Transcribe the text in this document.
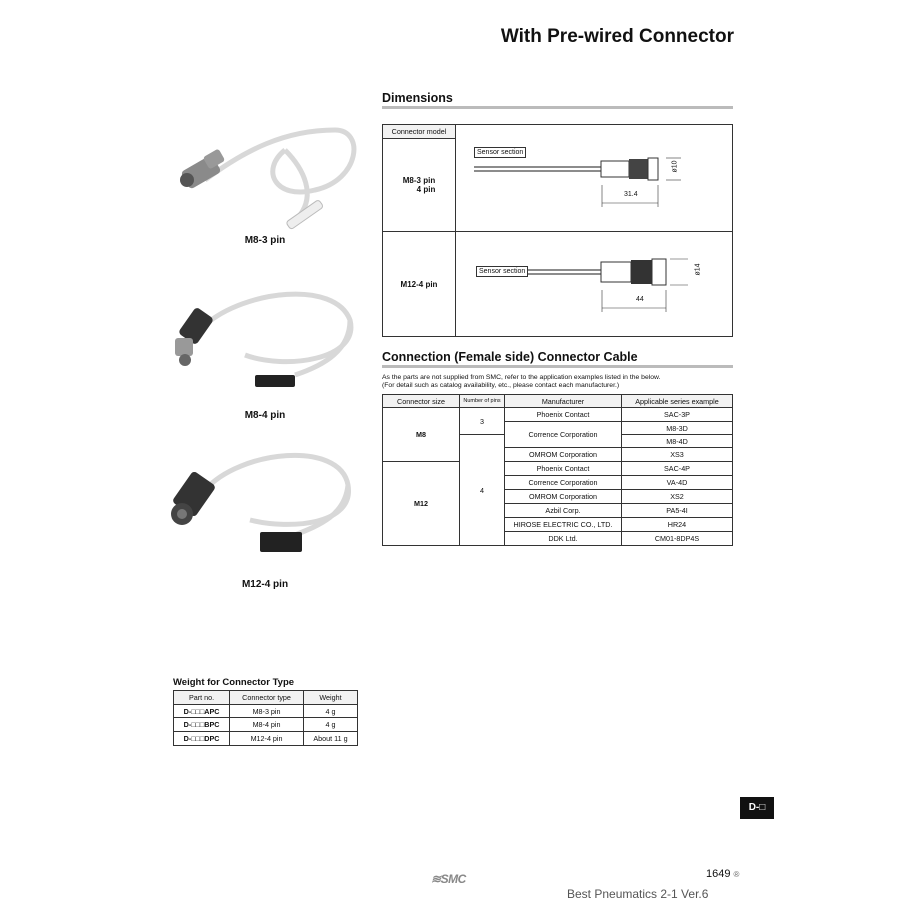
With Pre-wired Connector
M8-3 pin
M8-4 pin
M12-4 pin
Dimensions
Connector model	Sensor section
31.4
ø10

M8-3 pin
4 pin	

M12-4 pin	Sensor section
44
ø14
Connection (Female side) Connector Cable
As the parts are not supplied from SMC, refer to the application examples listed in the below.
(For detail such as catalog availability, etc., please contact each manufacturer.)
Connector size	Number of pins	Manufacturer	Applicable series example
M8	3	Phoenix Contact	SAC-3P
		Corrence Corporation	M8-3D
	4		M8-4D
		OMROM Corporation	XS3
M12		Phoenix Contact	SAC-4P
		Corrence Corporation	VA-4D
		OMROM Corporation	XS2
		Azbil Corp.	PA5-4I
		HIROSE ELECTRIC CO., LTD.	HR24
		DDK Ltd.	CM01-8DP4S
Weight for Connector Type
Part no.	Connector type	Weight
D-□□□APC	M8-3 pin	4 g
D-□□□BPC	M8-4 pin	4 g
D-□□□DPC	M12-4 pin	About 11 g
D-□
≋SMC	1649 ®
Best Pneumatics 2-1 Ver.6
